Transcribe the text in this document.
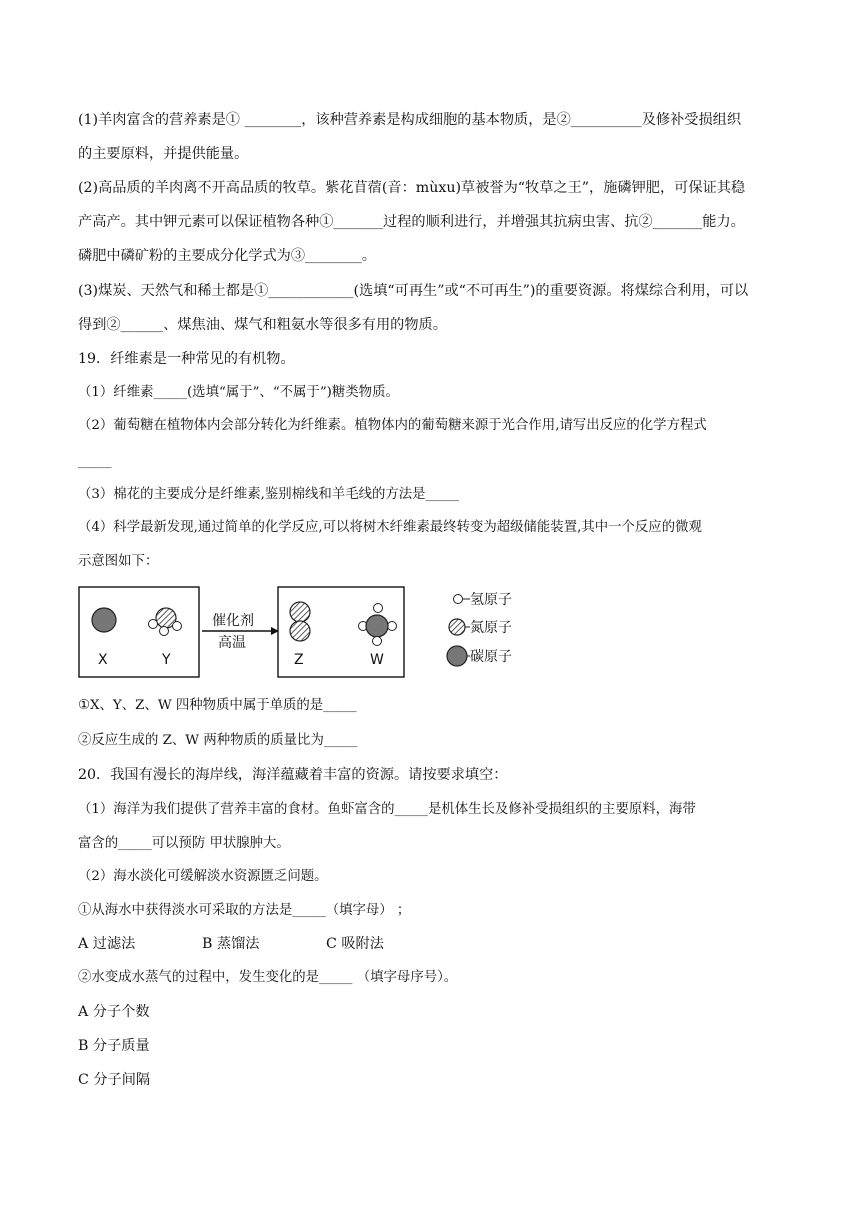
(1)羊肉富含的营养素是① ________，该种营养素是构成细胞的基本物质，是②__________及修补受损组织
的主要原料，并提供能量。
(2)高品质的羊肉离不开高品质的牧草。紫花苜蓿(音：mùxu)草被誉为“牧草之王”，施磷钾肥，可保证其稳
产高产。其中钾元素可以保证植物各种①_______过程的顺利进行，并增强其抗病虫害、抗②_______能力。
磷肥中磷矿粉的主要成分化学式为③________。
(3)煤炭、天然气和稀土都是①____________(选填“可再生”或“不可再生”)的重要资源。将煤综合利用，可以
得到②______、煤焦油、煤气和粗氨水等很多有用的物质。
19．纤维素是一种常见的有机物。
（1）纤维素_____(选填“属于”、“不属于”)糖类物质。
（2）葡萄糖在植物体内会部分转化为纤维素。植物体内的葡萄糖来源于光合作用,请写出反应的化学方程式
_____
（3）棉花的主要成分是纤维素,鉴别棉线和羊毛线的方法是_____
（4）科学最新发现,通过简单的化学反应,可以将树木纤维素最终转变为超级储能装置,其中一个反应的微观
示意图如下：
X	Y
催化剂
高温
Z	W
氢原子
氮原子
碳原子
①X、Y、Z、W 四种物质中属于单质的是_____
②反应生成的 Z、W 两种物质的质量比为_____
20．我国有漫长的海岸线，海洋蕴藏着丰富的资源。请按要求填空：
（1）海洋为我们提供了营养丰富的食材。鱼虾富含的_____是机体生长及修补受损组织的主要原料，海带
富含的_____可以预防 甲状腺肿大。
（2）海水淡化可缓解淡水资源匮乏问题。
①从海水中获得淡水可采取的方法是_____（填字母） ；
A 过滤法	B 蒸馏法	C 吸附法
②水变成水蒸气的过程中，发生变化的是_____ （填字母序号）。
A 分子个数
B 分子质量
C 分子间隔
